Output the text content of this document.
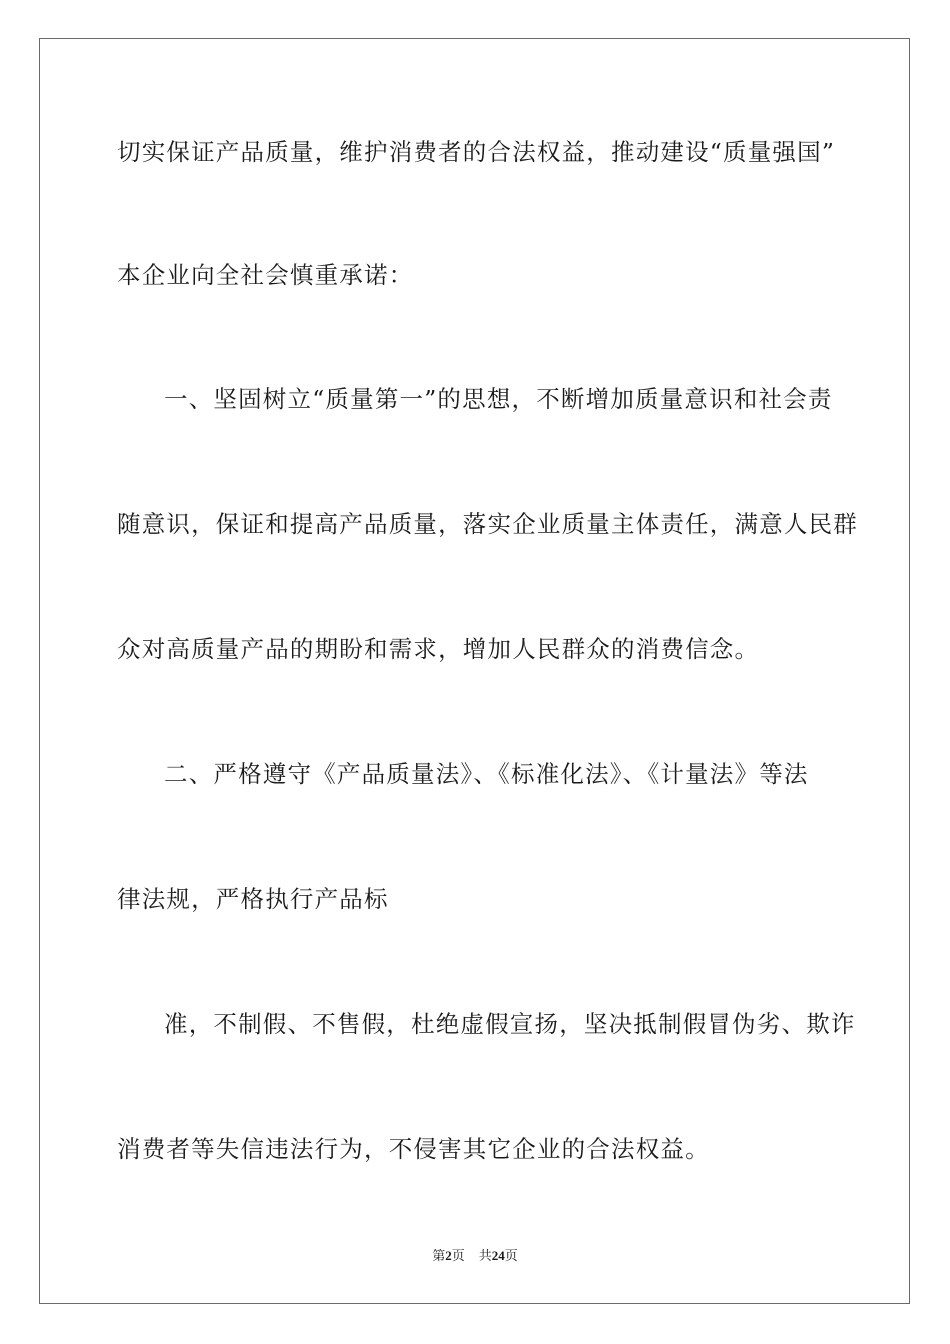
切实保证产品质量，维护消费者的合法权益，推动建设“质量强国”
本企业向全社会慎重承诺：
一、坚固树立“质量第一”的思想，不断增加质量意识和社会责
随意识，保证和提高产品质量，落实企业质量主体责任，满意人民群
众对高质量产品的期盼和需求，增加人民群众的消费信念。
二、严格遵守《产品质量法》、《标准化法》、《计量法》等法
律法规，严格执行产品标
准，不制假、不售假，杜绝虚假宣扬，坚决抵制假冒伪劣、欺诈
消费者等失信违法行为，不侵害其它企业的合法权益。
第2页 共24页
